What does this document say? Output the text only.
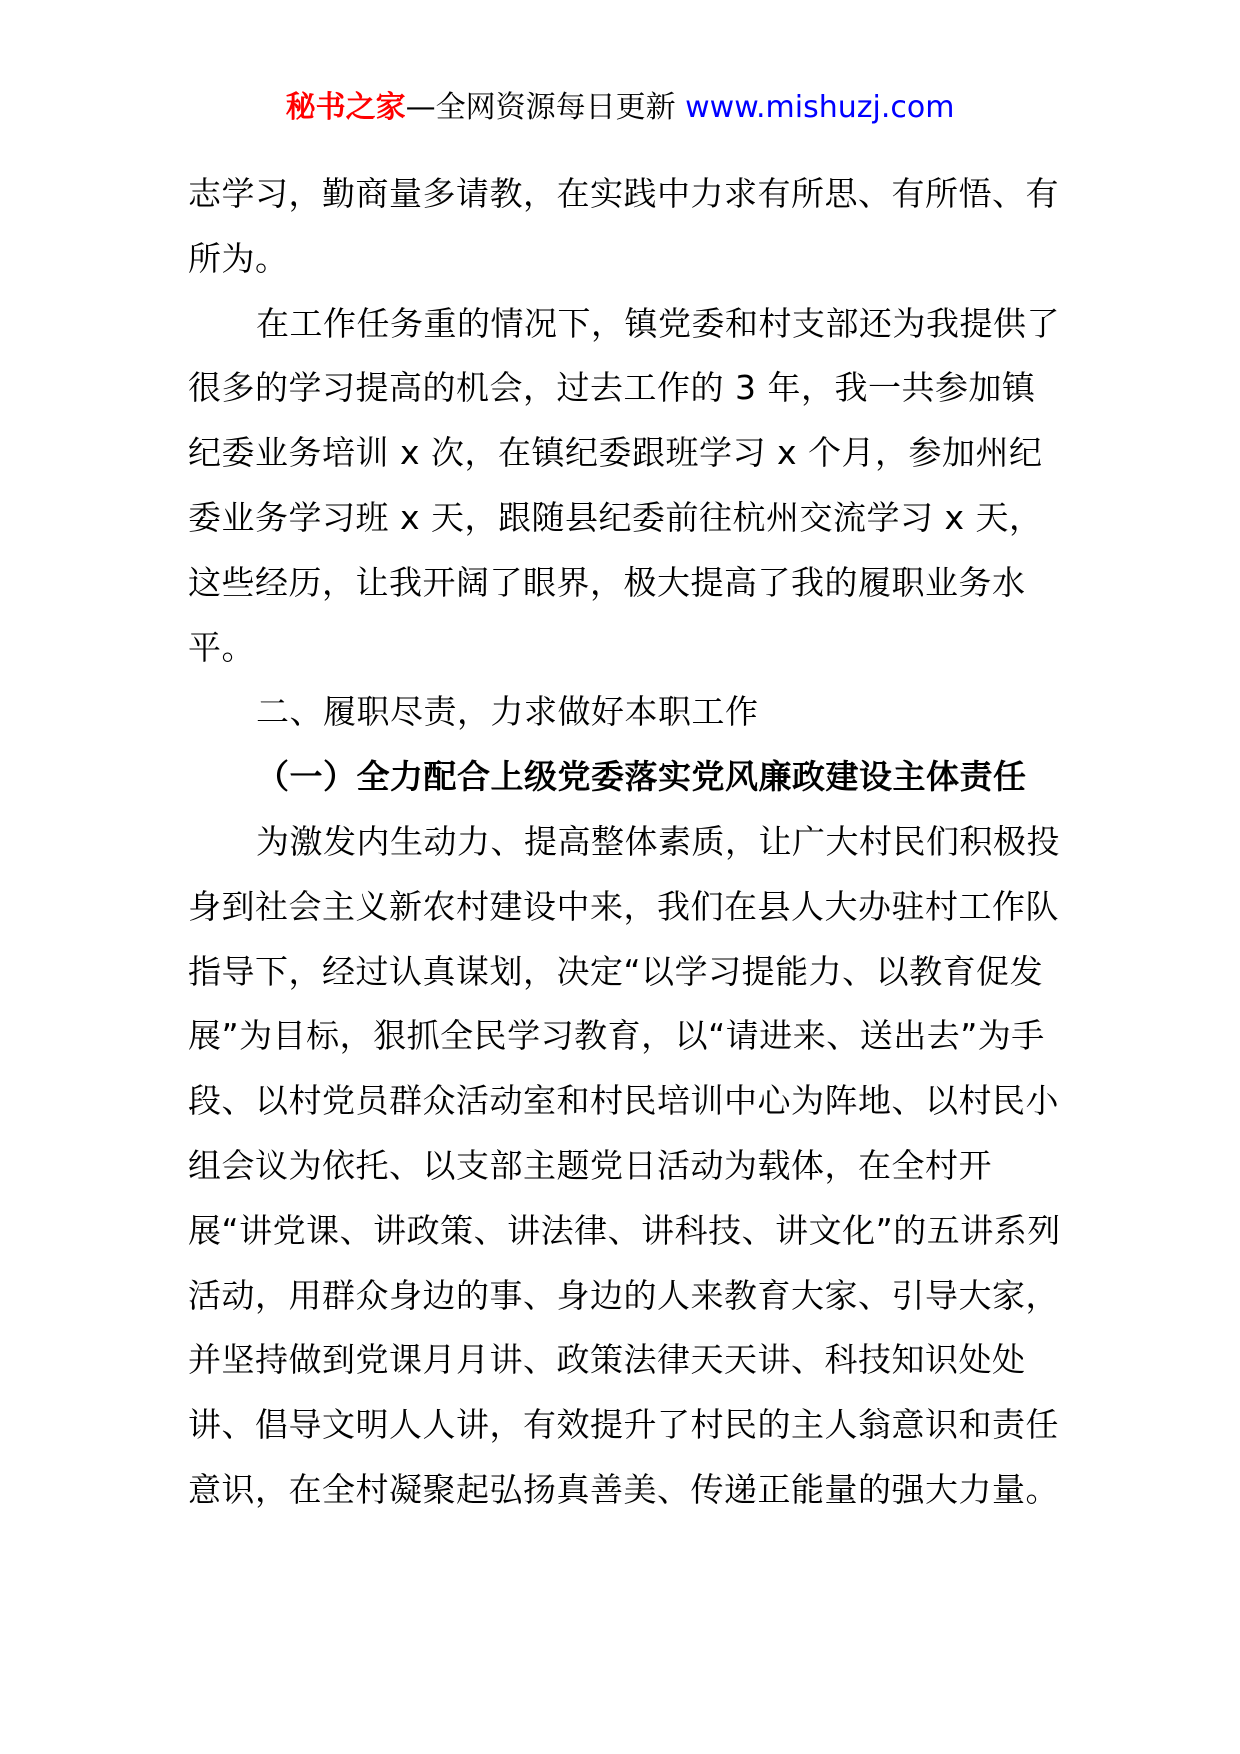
秘书之家—全网资源每日更新 www.mishuzj.com

志学习，勤商量多请教，在实践中力求有所思、有所悟、有所为。

在工作任务重的情况下，镇党委和村支部还为我提供了很多的学习提高的机会，过去工作的 3 年，我一共参加镇纪委业务培训 x 次，在镇纪委跟班学习 x 个月，参加州纪委业务学习班 x 天，跟随县纪委前往杭州交流学习 x 天，这些经历，让我开阔了眼界，极大提高了我的履职业务水平。

二、履职尽责，力求做好本职工作

（一）全力配合上级党委落实党风廉政建设主体责任

为激发内生动力、提高整体素质，让广大村民们积极投身到社会主义新农村建设中来，我们在县人大办驻村工作队指导下，经过认真谋划，决定“以学习提能力、以教育促发展”为目标，狠抓全民学习教育，以“请进来、送出去”为手段、以村党员群众活动室和村民培训中心为阵地、以村民小组会议为依托、以支部主题党日活动为载体，在全村开展“讲党课、讲政策、讲法律、讲科技、讲文化”的五讲系列活动，用群众身边的事、身边的人来教育大家、引导大家，并坚持做到党课月月讲、政策法律天天讲、科技知识处处讲、倡导文明人人讲，有效提升了村民的主人翁意识和责任意识，在全村凝聚起弘扬真善美、传递正能量的强大力量。
